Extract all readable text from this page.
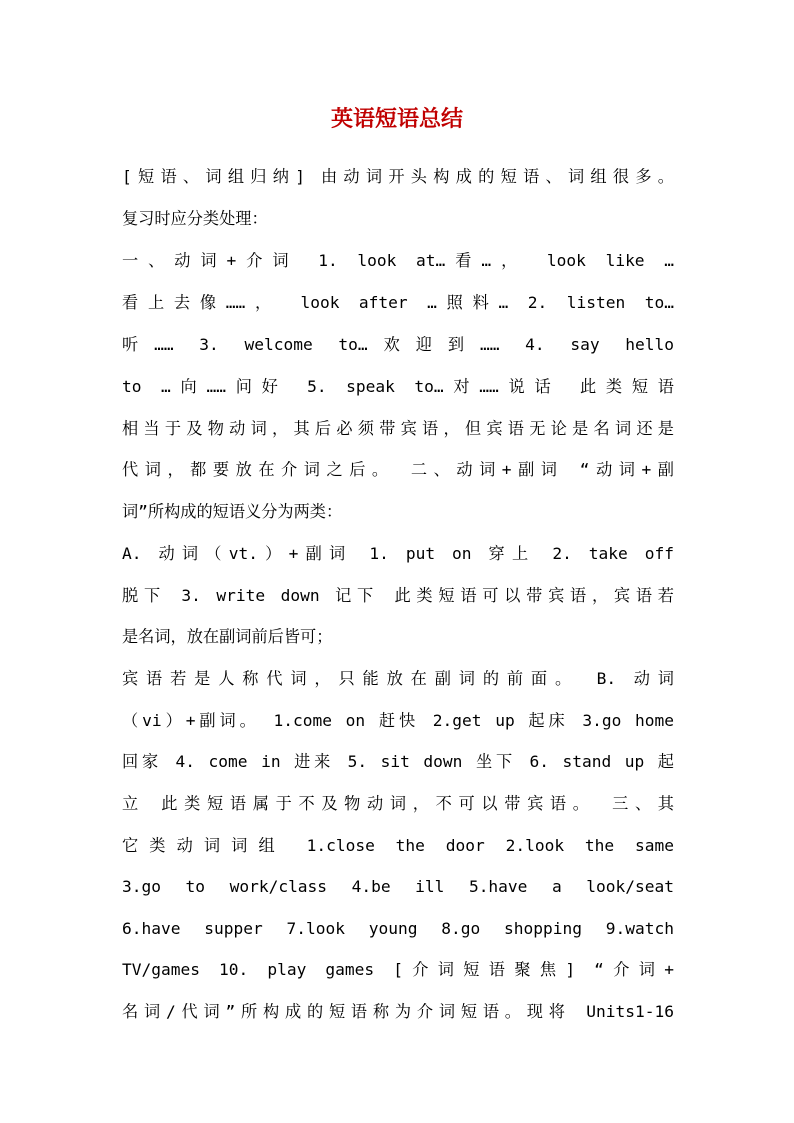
英语短语总结
[短语、词组归纳] 由动词开头构成的短语、词组很多。
复习时应分类处理：
一、动词+介词 1. look at…看…， look like …
看上去像……， look after …照料… 2. listen to…
听…… 3. welcome to…欢迎到…… 4. say hello
to …向……问好 5. speak to…对……说话 此类短语
相当于及物动词，其后必须带宾语，但宾语无论是名词还是
代词，都要放在介词之后。 二、动词+副词 “动词+副
词”所构成的短语义分为两类：
A. 动词（vt.）+副词 1. put on 穿上 2. take off
脱下 3. write down 记下 此类短语可以带宾语，宾语若
是名词，放在副词前后皆可；
宾语若是人称代词，只能放在副词的前面。 B. 动词
（vi）+副词。 1.come on 赶快 2.get up 起床 3.go home
回家 4. come in 进来 5. sit down 坐下 6. stand up 起
立 此类短语属于不及物动词，不可以带宾语。 三、其
它类动词词组 1.close the door 2.look the same
3.go to work/class 4.be ill 5.have a look/seat
6.have supper 7.look young 8.go shopping 9.watch
TV/games 10. play games [介词短语聚焦] “介词+
名词/代词”所构成的短语称为介词短语。现将 Units1-16
